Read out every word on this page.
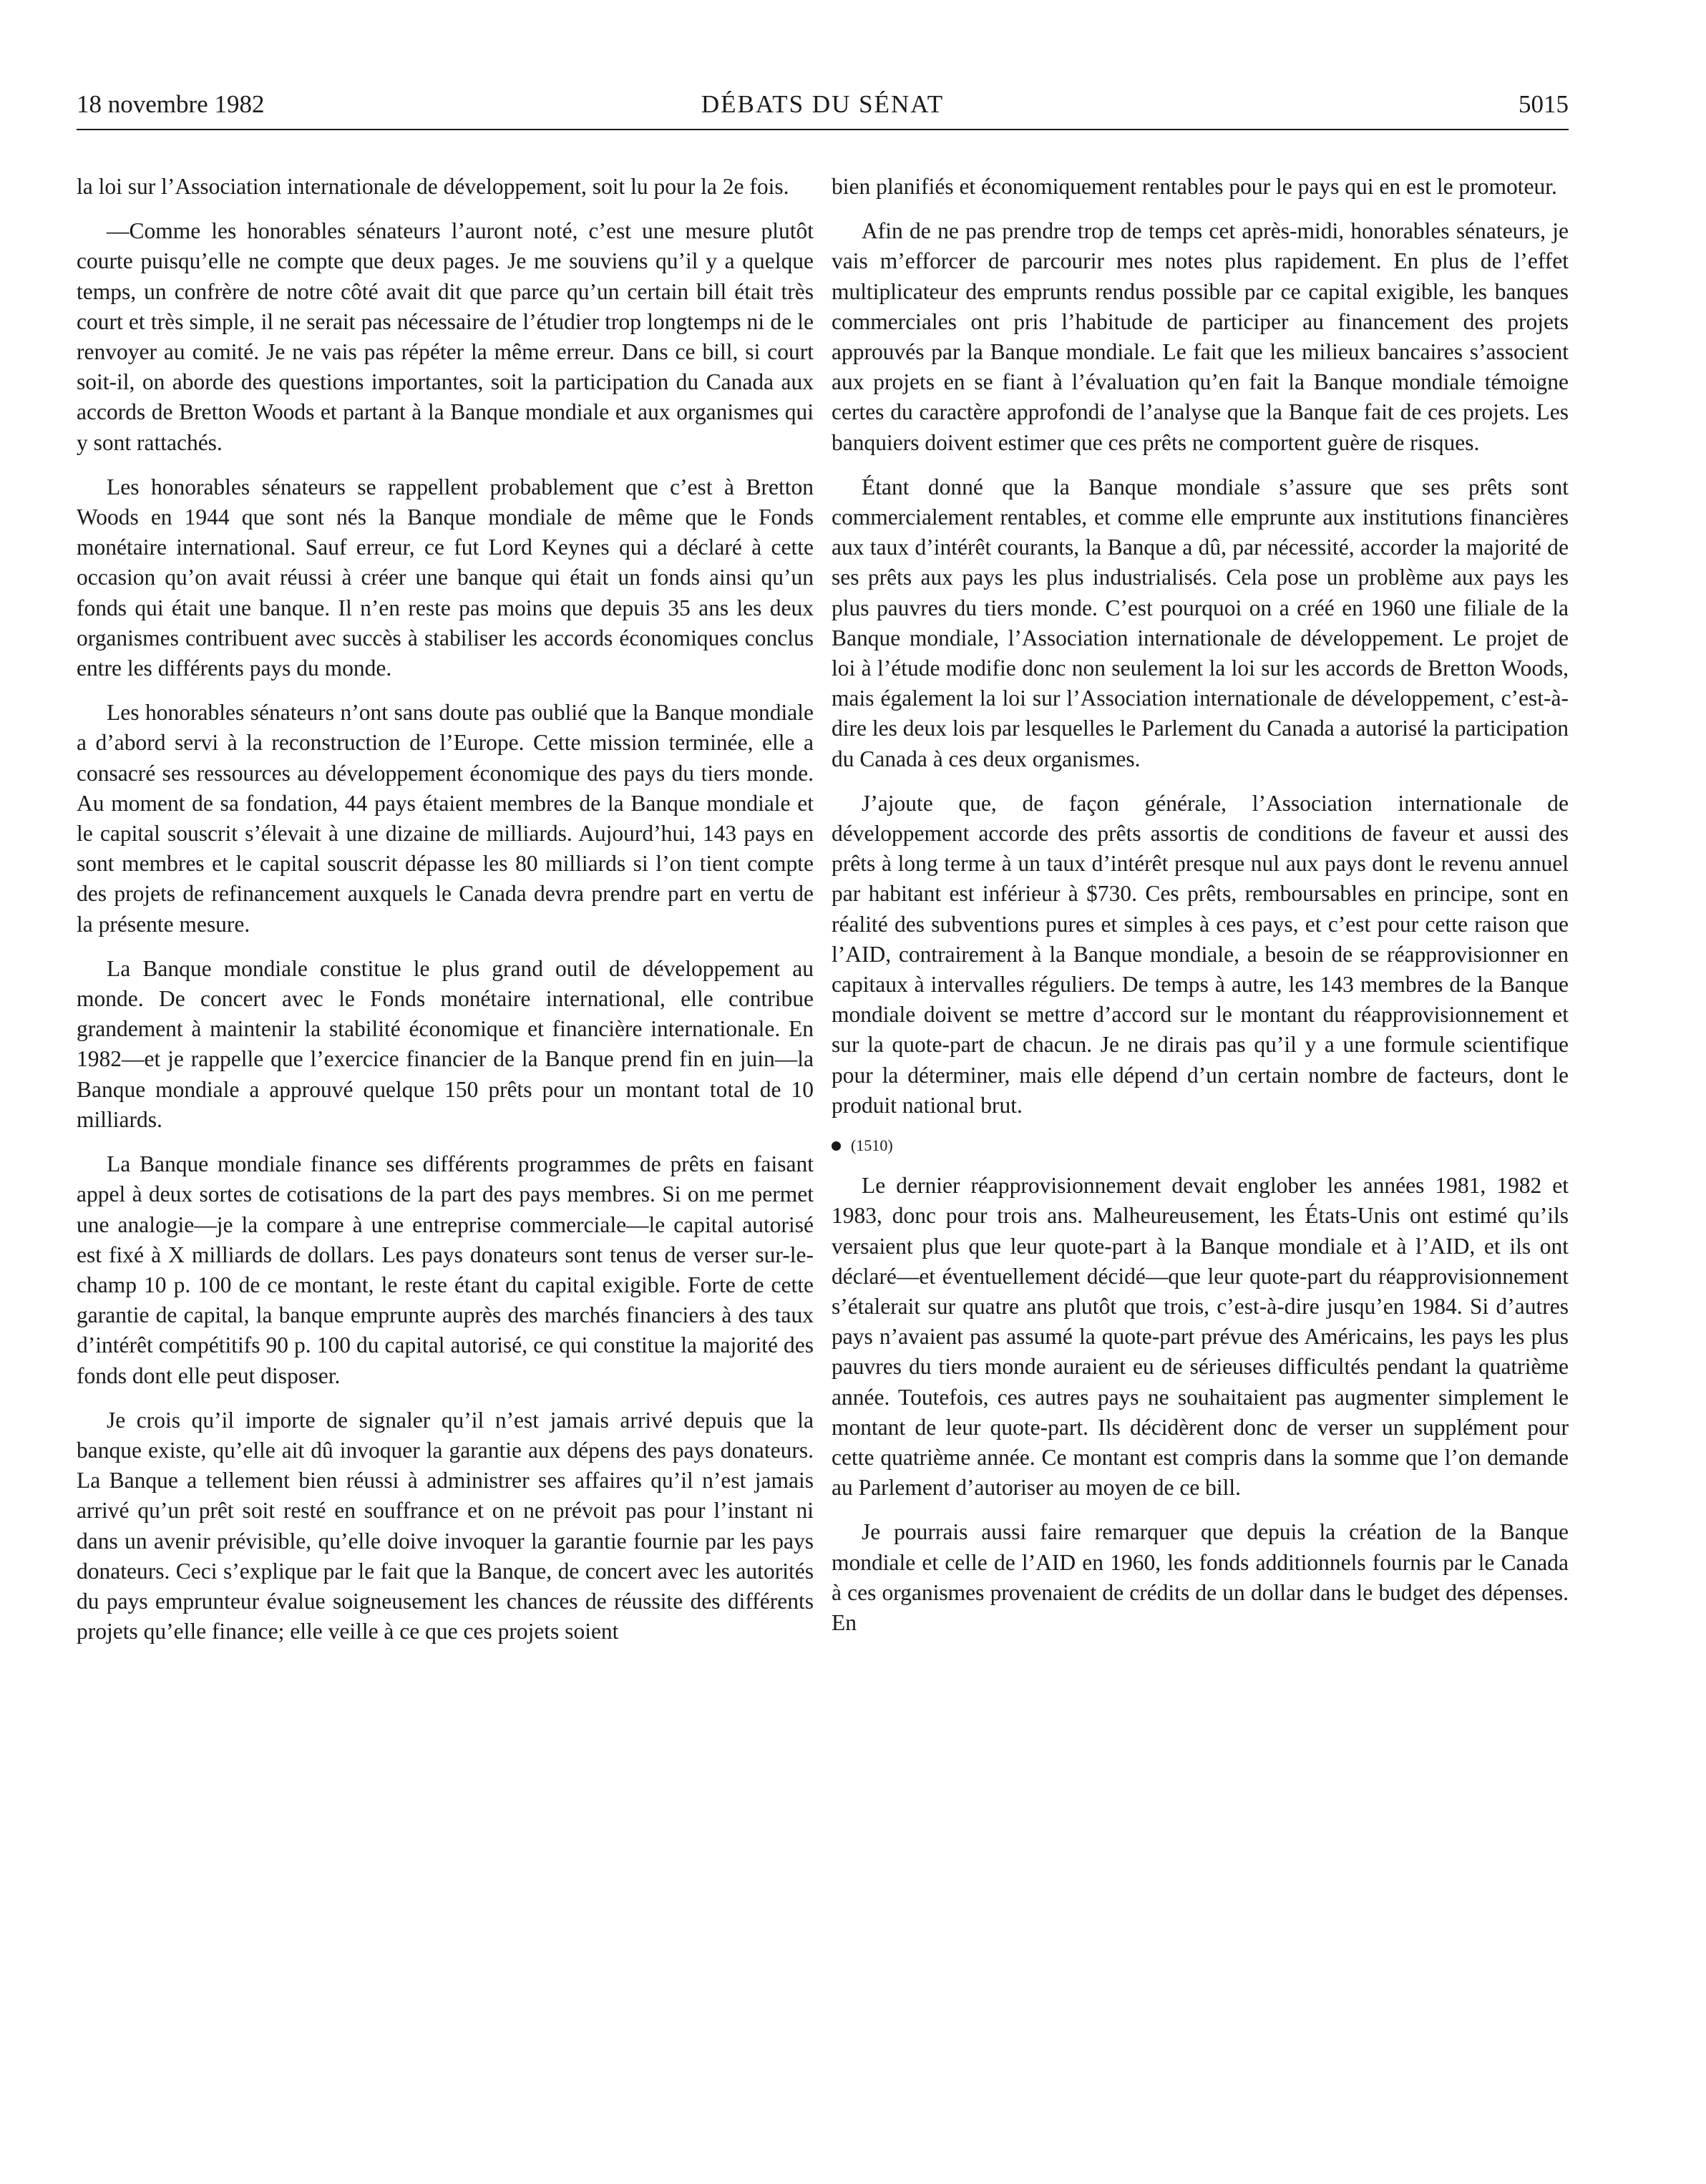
18 novembre 1982	DÉBATS DU SÉNAT	5015

la loi sur l’Association internationale de développement, soit lu pour la 2e fois.

—Comme les honorables sénateurs l’auront noté, c’est une mesure plutôt courte puisqu’elle ne compte que deux pages. Je me souviens qu’il y a quelque temps, un confrère de notre côté avait dit que parce qu’un certain bill était très court et très simple, il ne serait pas nécessaire de l’étudier trop longtemps ni de le renvoyer au comité. Je ne vais pas répéter la même erreur. Dans ce bill, si court soit-il, on aborde des questions importantes, soit la participation du Canada aux accords de Bretton Woods et partant à la Banque mondiale et aux organismes qui y sont rattachés.

Les honorables sénateurs se rappellent probablement que c’est à Bretton Woods en 1944 que sont nés la Banque mondiale de même que le Fonds monétaire international. Sauf erreur, ce fut Lord Keynes qui a déclaré à cette occasion qu’on avait réussi à créer une banque qui était un fonds ainsi qu’un fonds qui était une banque. Il n’en reste pas moins que depuis 35 ans les deux organismes contribuent avec succès à stabiliser les accords économiques conclus entre les différents pays du monde.

Les honorables sénateurs n’ont sans doute pas oublié que la Banque mondiale a d’abord servi à la reconstruction de l’Europe. Cette mission terminée, elle a consacré ses ressources au développement économique des pays du tiers monde. Au moment de sa fondation, 44 pays étaient membres de la Banque mondiale et le capital souscrit s’élevait à une dizaine de milliards. Aujourd’hui, 143 pays en sont membres et le capital souscrit dépasse les 80 milliards si l’on tient compte des projets de refinancement auxquels le Canada devra prendre part en vertu de la présente mesure.

La Banque mondiale constitue le plus grand outil de développement au monde. De concert avec le Fonds monétaire international, elle contribue grandement à maintenir la stabilité économique et financière internationale. En 1982—et je rappelle que l’exercice financier de la Banque prend fin en juin—la Banque mondiale a approuvé quelque 150 prêts pour un montant total de 10 milliards.

La Banque mondiale finance ses différents programmes de prêts en faisant appel à deux sortes de cotisations de la part des pays membres. Si on me permet une analogie—je la compare à une entreprise commerciale—le capital autorisé est fixé à X milliards de dollars. Les pays donateurs sont tenus de verser sur-le-champ 10 p. 100 de ce montant, le reste étant du capital exigible. Forte de cette garantie de capital, la banque emprunte auprès des marchés financiers à des taux d’intérêt compétitifs 90 p. 100 du capital autorisé, ce qui constitue la majorité des fonds dont elle peut disposer.

Je crois qu’il importe de signaler qu’il n’est jamais arrivé depuis que la banque existe, qu’elle ait dû invoquer la garantie aux dépens des pays donateurs. La Banque a tellement bien réussi à administrer ses affaires qu’il n’est jamais arrivé qu’un prêt soit resté en souffrance et on ne prévoit pas pour l’instant ni dans un avenir prévisible, qu’elle doive invoquer la garantie fournie par les pays donateurs. Ceci s’explique par le fait que la Banque, de concert avec les autorités du pays emprunteur évalue soigneusement les chances de réussite des différents projets qu’elle finance; elle veille à ce que ces projets soient

bien planifiés et économiquement rentables pour le pays qui en est le promoteur.

Afin de ne pas prendre trop de temps cet après-midi, honorables sénateurs, je vais m’efforcer de parcourir mes notes plus rapidement. En plus de l’effet multiplicateur des emprunts rendus possible par ce capital exigible, les banques commerciales ont pris l’habitude de participer au financement des projets approuvés par la Banque mondiale. Le fait que les milieux bancaires s’associent aux projets en se fiant à l’évaluation qu’en fait la Banque mondiale témoigne certes du caractère approfondi de l’analyse que la Banque fait de ces projets. Les banquiers doivent estimer que ces prêts ne comportent guère de risques.

Étant donné que la Banque mondiale s’assure que ses prêts sont commercialement rentables, et comme elle emprunte aux institutions financières aux taux d’intérêt courants, la Banque a dû, par nécessité, accorder la majorité de ses prêts aux pays les plus industrialisés. Cela pose un problème aux pays les plus pauvres du tiers monde. C’est pourquoi on a créé en 1960 une filiale de la Banque mondiale, l’Association internationale de développement. Le projet de loi à l’étude modifie donc non seulement la loi sur les accords de Bretton Woods, mais également la loi sur l’Association internationale de développement, c’est-à-dire les deux lois par lesquelles le Parlement du Canada a autorisé la participation du Canada à ces deux organismes.

J’ajoute que, de façon générale, l’Association internationale de développement accorde des prêts assortis de conditions de faveur et aussi des prêts à long terme à un taux d’intérêt presque nul aux pays dont le revenu annuel par habitant est inférieur à $730. Ces prêts, remboursables en principe, sont en réalité des subventions pures et simples à ces pays, et c’est pour cette raison que l’AID, contrairement à la Banque mondiale, a besoin de se réapprovisionner en capitaux à intervalles réguliers. De temps à autre, les 143 membres de la Banque mondiale doivent se mettre d’accord sur le montant du réapprovisionnement et sur la quote-part de chacun. Je ne dirais pas qu’il y a une formule scientifique pour la déterminer, mais elle dépend d’un certain nombre de facteurs, dont le produit national brut.

(1510)

Le dernier réapprovisionnement devait englober les années 1981, 1982 et 1983, donc pour trois ans. Malheureusement, les États-Unis ont estimé qu’ils versaient plus que leur quote-part à la Banque mondiale et à l’AID, et ils ont déclaré—et éventuellement décidé—que leur quote-part du réapprovisionnement s’étalerait sur quatre ans plutôt que trois, c’est-à-dire jusqu’en 1984. Si d’autres pays n’avaient pas assumé la quote-part prévue des Américains, les pays les plus pauvres du tiers monde auraient eu de sérieuses difficultés pendant la quatrième année. Toutefois, ces autres pays ne souhaitaient pas augmenter simplement le montant de leur quote-part. Ils décidèrent donc de verser un supplément pour cette quatrième année. Ce montant est compris dans la somme que l’on demande au Parlement d’autoriser au moyen de ce bill.

Je pourrais aussi faire remarquer que depuis la création de la Banque mondiale et celle de l’AID en 1960, les fonds additionnels fournis par le Canada à ces organismes provenaient de crédits de un dollar dans le budget des dépenses. En
